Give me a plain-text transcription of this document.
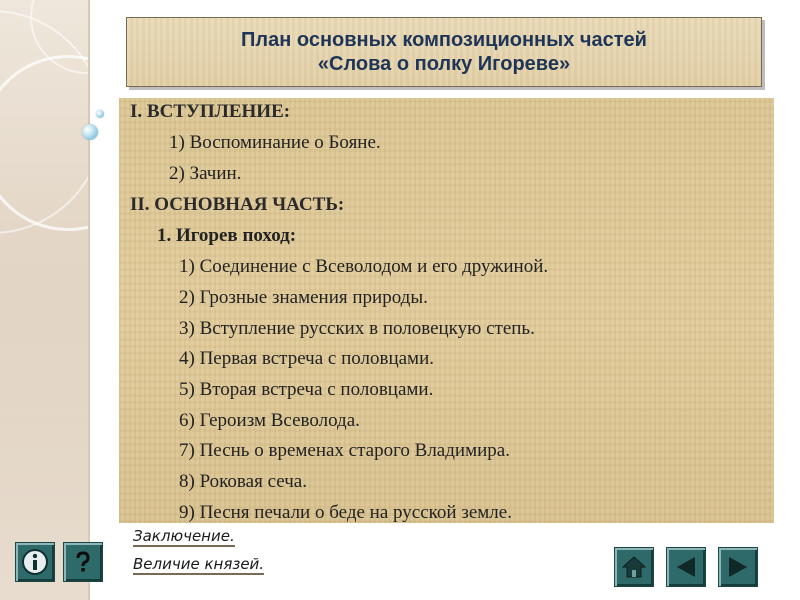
План основных композиционных частей
«Слова о полку Игореве»
I. ВСТУПЛЕНИЕ:
1) Воспоминание о Бояне.
2) Зачин.
II. ОСНОВНАЯ ЧАСТЬ:
1. Игорев поход:
1) Соединение с Всеволодом и его дружиной.
2) Грозные знамения природы.
3) Вступление русских в половецкую степь.
4) Первая встреча с половцами.
5) Вторая встреча с половцами.
6) Героизм Всеволода.
7) Песнь о временах старого Владимира.
8) Роковая сеча.
9) Песня печали о беде на русской земле.
Заключение.
Величие князей.
